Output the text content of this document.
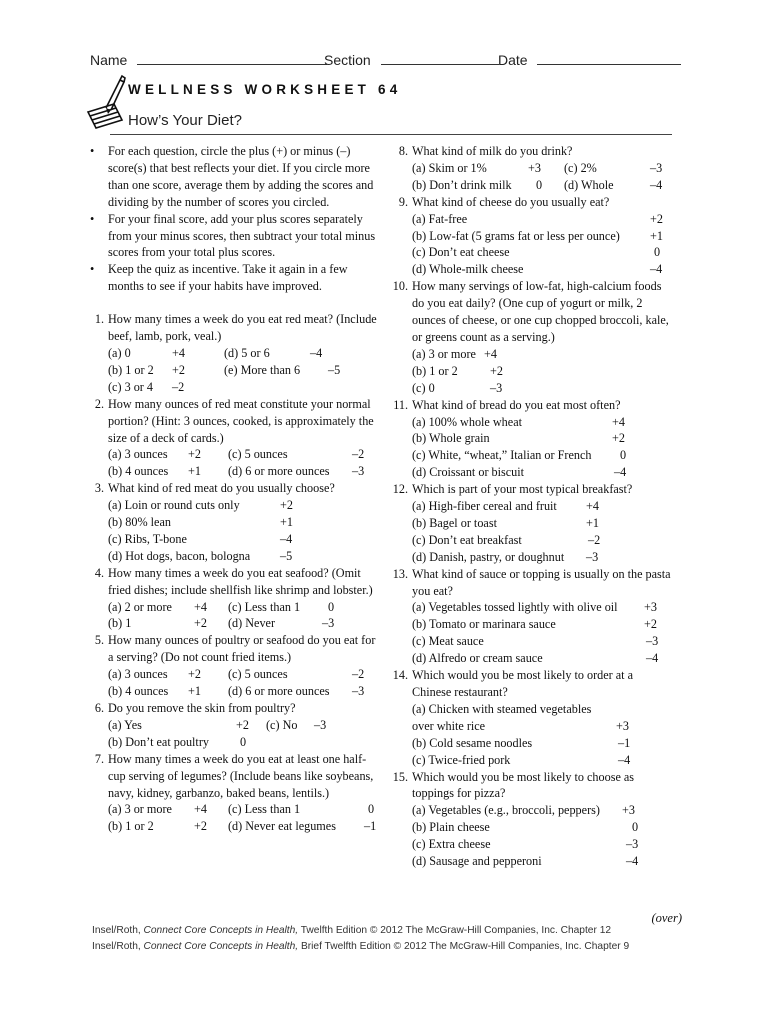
Name	Section	Date
WELLNESS WORKSHEET 64
How’s Your Diet?
• For each question, circle the plus (+) or minus (–) score(s) that best reflects your diet. If you circle more than one score, average them by adding the scores and dividing by the number of scores you circled.
• For your final score, add your plus scores separately from your minus scores, then subtract your total minus scores from your total plus scores.
• Keep the quiz as incentive. Take it again in a few months to see if your habits have improved.
1. How many times a week do you eat red meat? (Include beef, lamb, pork, veal.)
(a) 0	+4	(d) 5 or 6	–4
(b) 1 or 2	+2	(e) More than 6	–5
(c) 3 or 4	–2
2. How many ounces of red meat constitute your normal portion? (Hint: 3 ounces, cooked, is approximately the size of a deck of cards.)
(a) 3 ounces	+2	(c) 5 ounces	–2
(b) 4 ounces	+1	(d) 6 or more ounces	–3
3. What kind of red meat do you usually choose?
(a) Loin or round cuts only	+2
(b) 80% lean	+1
(c) Ribs, T-bone	–4
(d) Hot dogs, bacon, bologna	–5
4. How many times a week do you eat seafood? (Omit fried dishes; include shellfish like shrimp and lobster.)
(a) 2 or more	+4	(c) Less than 1	0
(b) 1	+2	(d) Never	–3
5. How many ounces of poultry or seafood do you eat for a serving? (Do not count fried items.)
(a) 3 ounces	+2	(c) 5 ounces	–2
(b) 4 ounces	+1	(d) 6 or more ounces	–3
6. Do you remove the skin from poultry?
(a) Yes	+2	(c) No	–3
(b) Don’t eat poultry	0
7. How many times a week do you eat at least one half-cup serving of legumes? (Include beans like soybeans, navy, kidney, garbanzo, baked beans, lentils.)
(a) 3 or more	+4	(c) Less than 1	0
(b) 1 or 2	+2	(d) Never eat legumes	–1
8. What kind of milk do you drink?
(a) Skim or 1%	+3	(c) 2%	–3
(b) Don’t drink milk	0	(d) Whole	–4
9. What kind of cheese do you usually eat?
(a) Fat-free	+2
(b) Low-fat (5 grams fat or less per ounce)	+1
(c) Don’t eat cheese	0
(d) Whole-milk cheese	–4
10. How many servings of low-fat, high-calcium foods do you eat daily? (One cup of yogurt or milk, 2 ounces of cheese, or one cup chopped broccoli, kale, or greens count as a serving.)
(a) 3 or more +4
(b) 1 or 2	+2
(c) 0	–3
11. What kind of bread do you eat most often?
(a) 100% whole wheat	+4
(b) Whole grain	+2
(c) White, “wheat,” Italian or French	0
(d) Croissant or biscuit	–4
12. Which is part of your most typical breakfast?
(a) High-fiber cereal and fruit	+4
(b) Bagel or toast	+1
(c) Don’t eat breakfast	–2
(d) Danish, pastry, or doughnut	–3
13. What kind of sauce or topping is usually on the pasta you eat?
(a) Vegetables tossed lightly with olive oil	+3
(b) Tomato or marinara sauce	+2
(c) Meat sauce	–3
(d) Alfredo or cream sauce	–4
14. Which would you be most likely to order at a Chinese restaurant?
(a) Chicken with steamed vegetables
over white rice	+3
(b) Cold sesame noodles	–1
(c) Twice-fried pork	–4
15. Which would you be most likely to choose as toppings for pizza?
(a) Vegetables (e.g., broccoli, peppers)	+3
(b) Plain cheese	0
(c) Extra cheese	–3
(d) Sausage and pepperoni	–4
(over)
Insel/Roth, Connect Core Concepts in Health, Twelfth Edition © 2012 The McGraw-Hill Companies, Inc. Chapter 12
Insel/Roth, Connect Core Concepts in Health, Brief Twelfth Edition © 2012 The McGraw-Hill Companies, Inc. Chapter 9
